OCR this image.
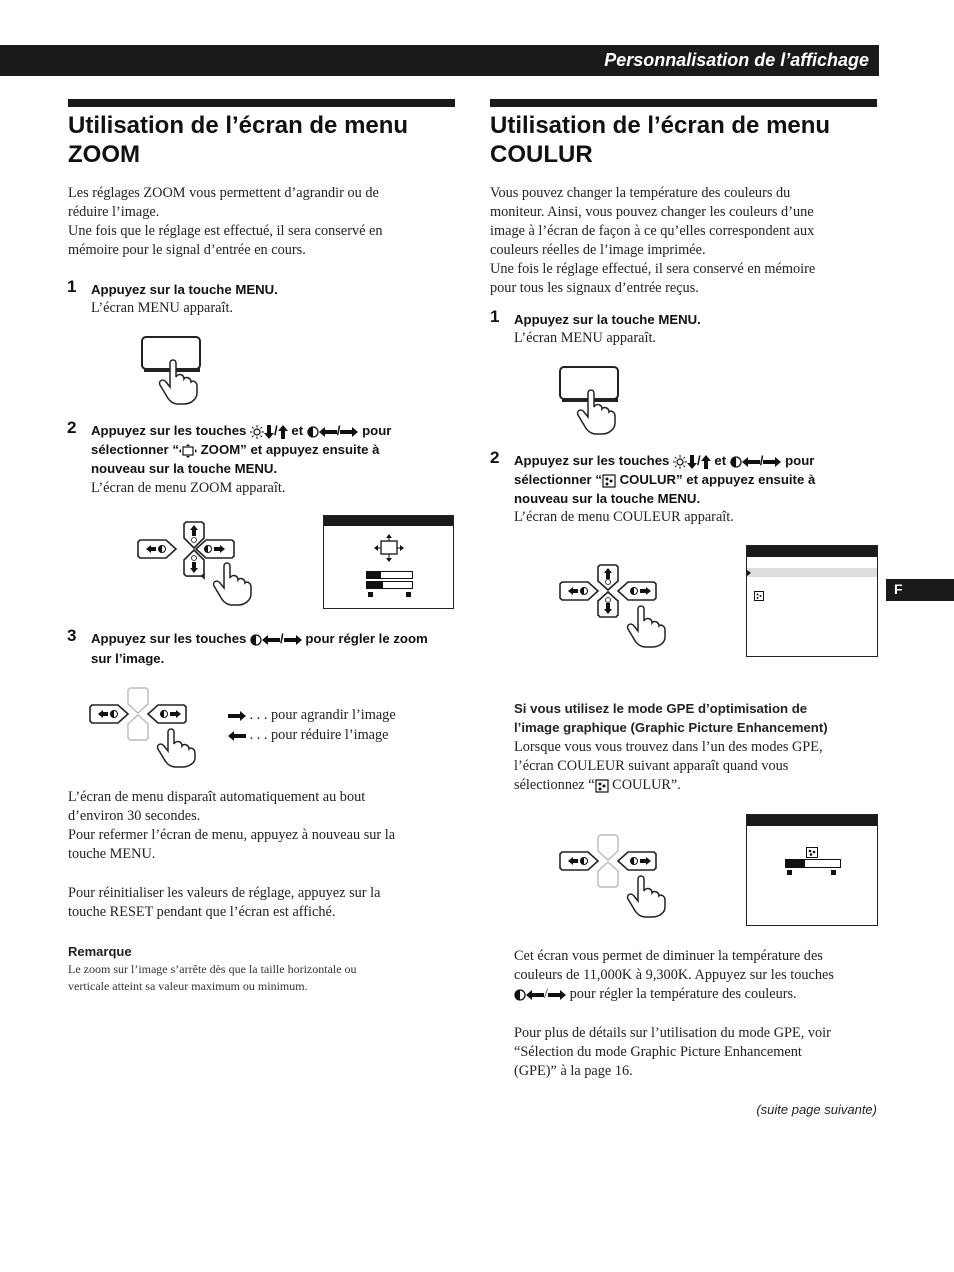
Personnalisation de l’affichage
F
Utilisation de l’écran de menu ZOOM
Les réglages ZOOM vous permettent d’agrandir ou de
réduire l’image.
Une fois que le réglage est effectué, il sera conservé en
mémoire pour le signal d’entrée en cours.
1 Appuyez sur la touche MENU.
L’écran MENU apparaît.
2 Appuyez sur les touches / et	/ pour
sélectionner “ ZOOM” et appuyez ensuite à
nouveau sur la touche MENU.
L’écran de menu ZOOM apparaît.
3 Appuyez sur les touches	/ pour régler le zoom
sur l’image.
. . . pour agrandir l’image
. . . pour réduire l’image
L’écran de menu disparaît automatiquement au bout
d’environ 30 secondes.
Pour refermer l’écran de menu, appuyez à nouveau sur la
touche MENU.
Pour réinitialiser les valeurs de réglage, appuyez sur la
touche RESET pendant que l’écran est affiché.
Remarque
Le zoom sur l’image s’arrête dès que la taille horizontale ou
verticale atteint sa valeur maximum ou minimum.
Utilisation de l’écran de menu COULUR
Vous pouvez changer la température des couleurs du
moniteur. Ainsi, vous pouvez changer les couleurs d’une
image à l’écran de façon à ce qu’elles correspondent aux
couleurs réelles de l’image imprimée.
Une fois le réglage effectué, il sera conservé en mémoire
pour tous les signaux d’entrée reçus.
1 Appuyez sur la touche MENU.
L’écran MENU apparaît.
2 Appuyez sur les touches / et	/ pour
sélectionner “ COULUR” et appuyez ensuite à
nouveau sur la touche MENU.
L’écran de menu COULEUR apparaît.
Si vous utilisez le mode GPE d’optimisation de
l’image graphique (Graphic Picture Enhancement)
Lorsque vous vous trouvez dans l’un des modes GPE,
l’écran COULEUR suivant apparaît quand vous
sélectionnez “ COULUR”.
Cet écran vous permet de diminuer la température des
couleurs de 11,000K à 9,300K. Appuyez sur les touches
/ pour régler la température des couleurs.
Pour plus de détails sur l’utilisation du mode GPE, voir
“Sélection du mode Graphic Picture Enhancement
(GPE)” à la page 16.
(suite page suivante)
